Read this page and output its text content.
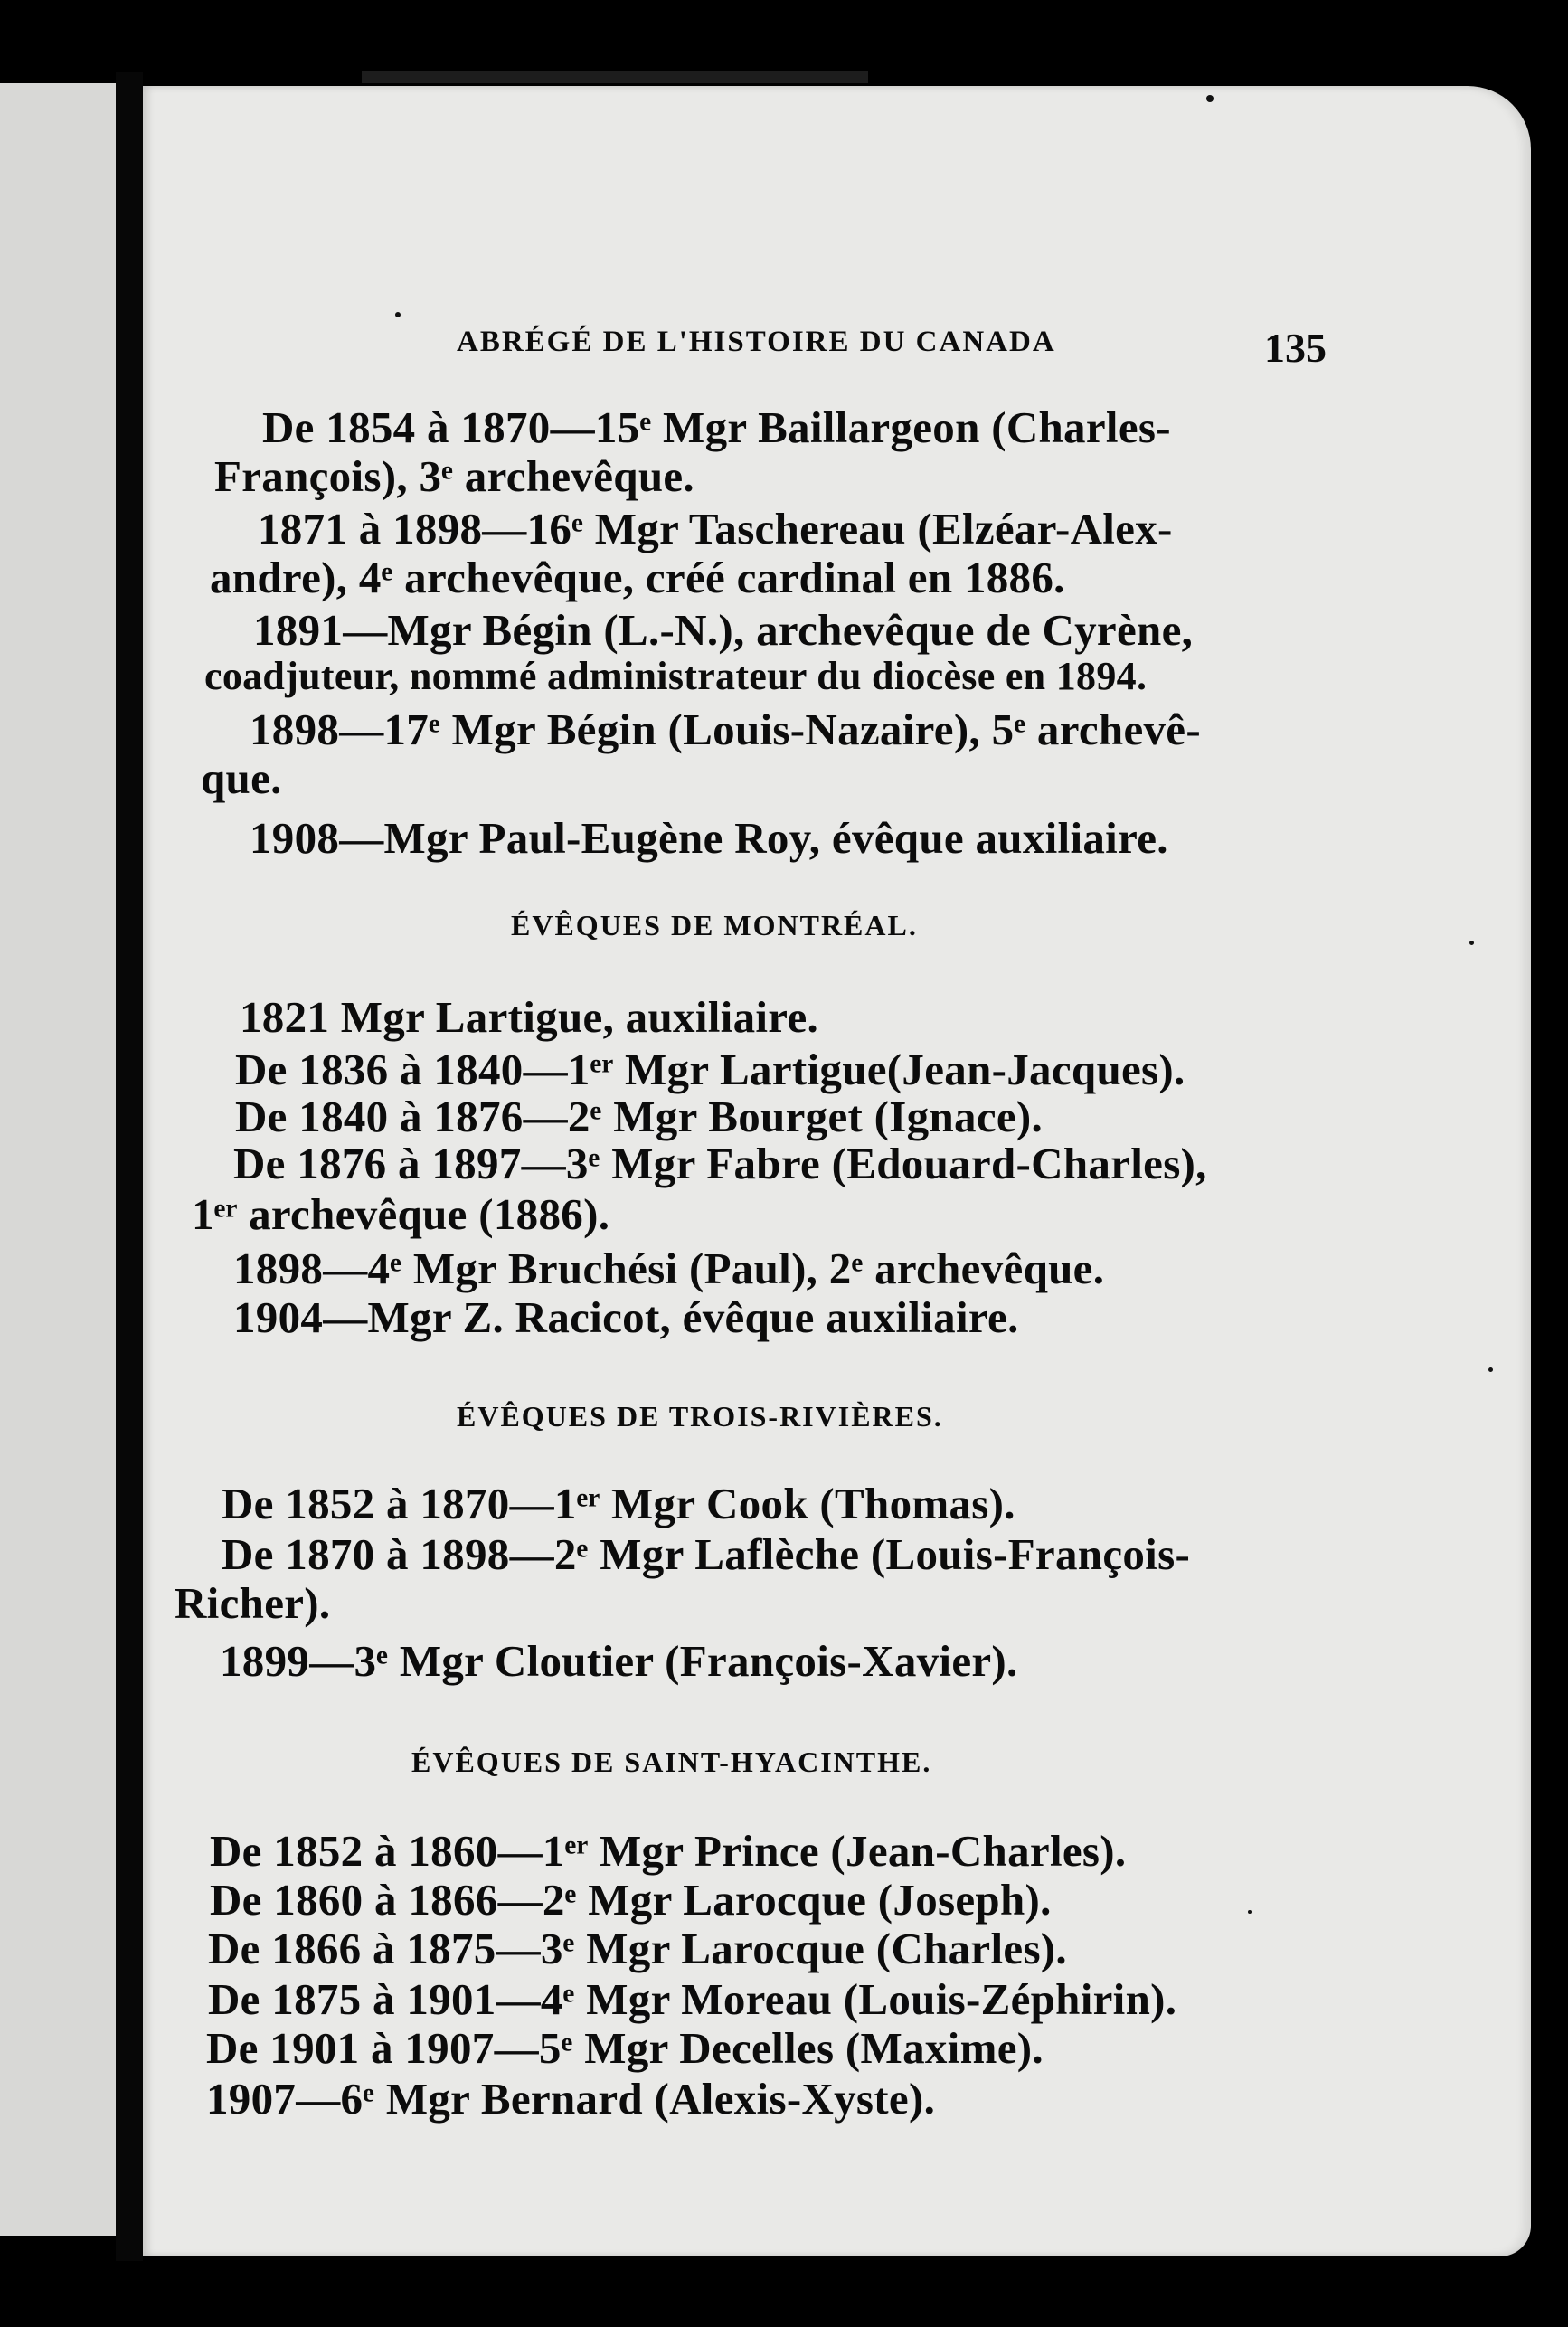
ABRÉGÉ DE L'HISTOIRE DU CANADA	135
De 1854 à 1870—15ᵉ Mgr Baillargeon (Charles-
François), 3ᵉ archevêque.
1871 à 1898—16ᵉ Mgr Taschereau (Elzéar-Alex-
andre), 4ᵉ archevêque, créé cardinal en 1886.
1891—Mgr Bégin (L.-N.), archevêque de Cyrène,
coadjuteur, nommé administrateur du diocèse en 1894.
1898—17ᵉ Mgr Bégin (Louis-Nazaire), 5ᵉ archevê-
que.
1908—Mgr Paul-Eugène Roy, évêque auxiliaire.
ÉVÊQUES DE MONTRÉAL.
1821 Mgr Lartigue, auxiliaire.
De 1836 à 1840—1ᵉʳ Mgr Lartigue(Jean-Jacques).
De 1840 à 1876—2ᵉ Mgr Bourget (Ignace).
De 1876 à 1897—3ᵉ Mgr Fabre (Edouard-Charles),
1ᵉʳ archevêque (1886).
1898—4ᵉ Mgr Bruchési (Paul), 2ᵉ archevêque.
1904—Mgr Z. Racicot, évêque auxiliaire.
ÉVÊQUES DE TROIS-RIVIÈRES.
De 1852 à 1870—1ᵉʳ Mgr Cook (Thomas).
De 1870 à 1898—2ᵉ Mgr Laflèche (Louis-François-
Richer).
1899—3ᵉ Mgr Cloutier (François-Xavier).
ÉVÊQUES DE SAINT-HYACINTHE.
De 1852 à 1860—1ᵉʳ Mgr Prince (Jean-Charles).
De 1860 à 1866—2ᵉ Mgr Larocque (Joseph).
De 1866 à 1875—3ᵉ Mgr Larocque (Charles).
De 1875 à 1901—4ᵉ Mgr Moreau (Louis-Zéphirin).
De 1901 à 1907—5ᵉ Mgr Decelles (Maxime).
1907—6ᵉ Mgr Bernard (Alexis-Xyste).
